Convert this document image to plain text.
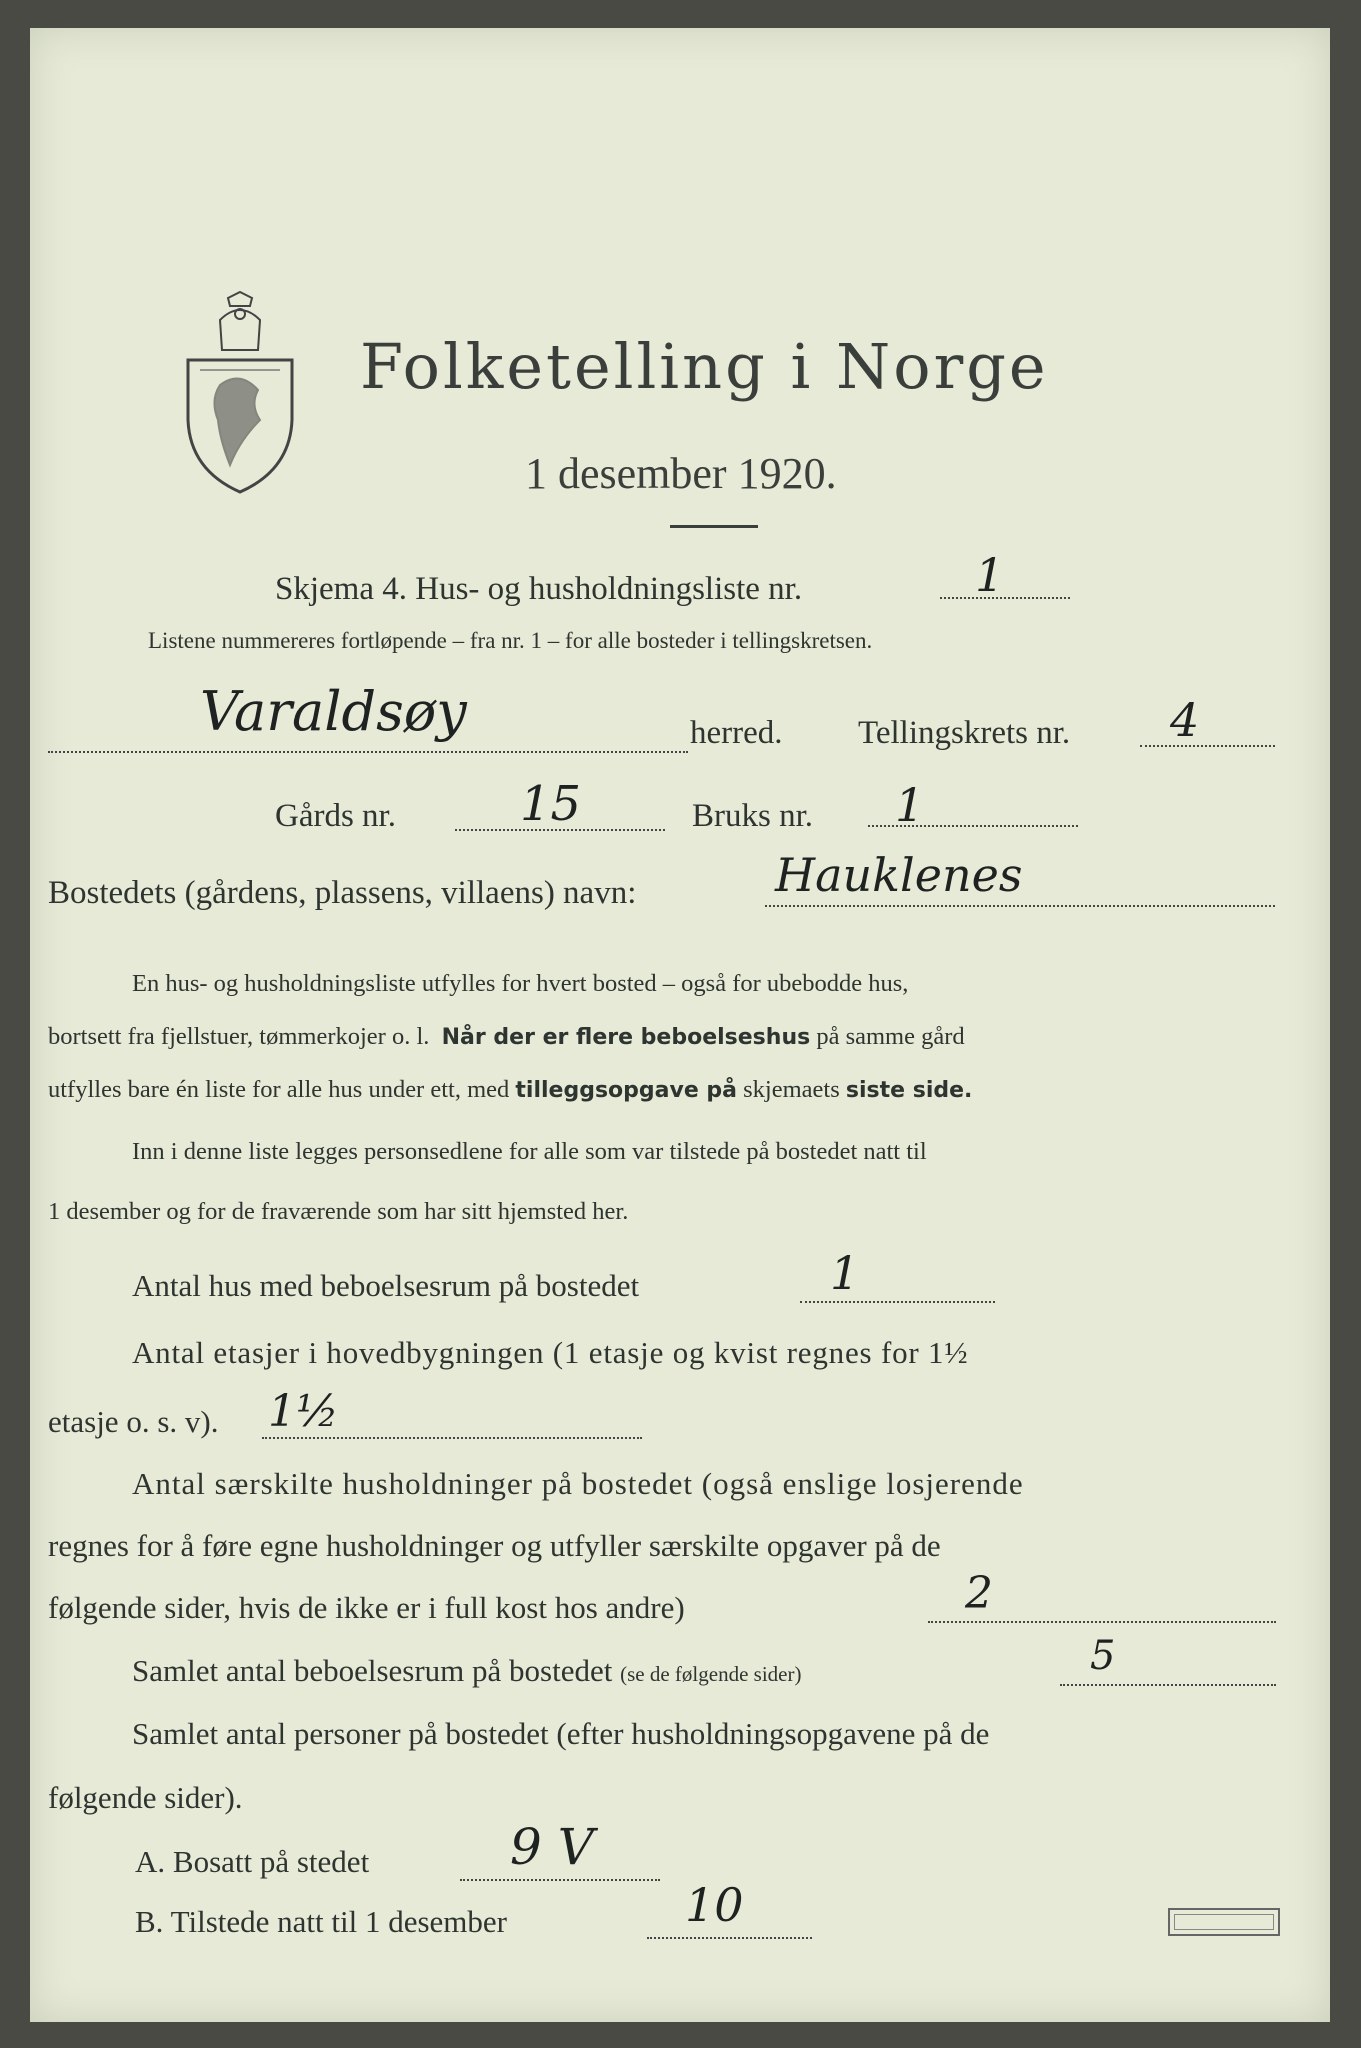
Folketelling i Norge
1 desember 1920.
Skjema 4. Hus- og husholdningsliste nr.	1
Listene nummereres fortløpende – fra nr. 1 – for alle bosteder i tellingskretsen.
Varaldsøy	herred. Tellingskrets nr. 4
Gårds nr.	15	Bruks nr. 1
Bostedets (gårdens, plassens, villaens) navn:	Hauklenes
En hus- og husholdningsliste utfylles for hvert bosted – også for ubebodde hus,
bortsett fra fjellstuer, tømmerkojer o. l. Når der er flere beboelseshus på samme gård
utfylles bare én liste for alle hus under ett, med tilleggsopgave på skjemaets siste side.
Inn i denne liste legges personsedlene for alle som var tilstede på bostedet natt til
1 desember og for de fraværende som har sitt hjemsted her.
Antal hus med beboelsesrum på bostedet	1
Antal etasjer i hovedbygningen (1 etasje og kvist regnes for 1½
etasje o. s. v). 1½
Antal særskilte husholdninger på bostedet (også enslige losjerende
regnes for å føre egne husholdninger og utfyller særskilte opgaver på de
følgende sider, hvis de ikke er i full kost hos andre)	2
Samlet antal beboelsesrum på bostedet (se de følgende sider)	5
Samlet antal personer på bostedet (efter husholdningsopgavene på de
følgende sider).
A. Bosatt på stedet	9 V
B. Tilstede natt til 1 desember	10
